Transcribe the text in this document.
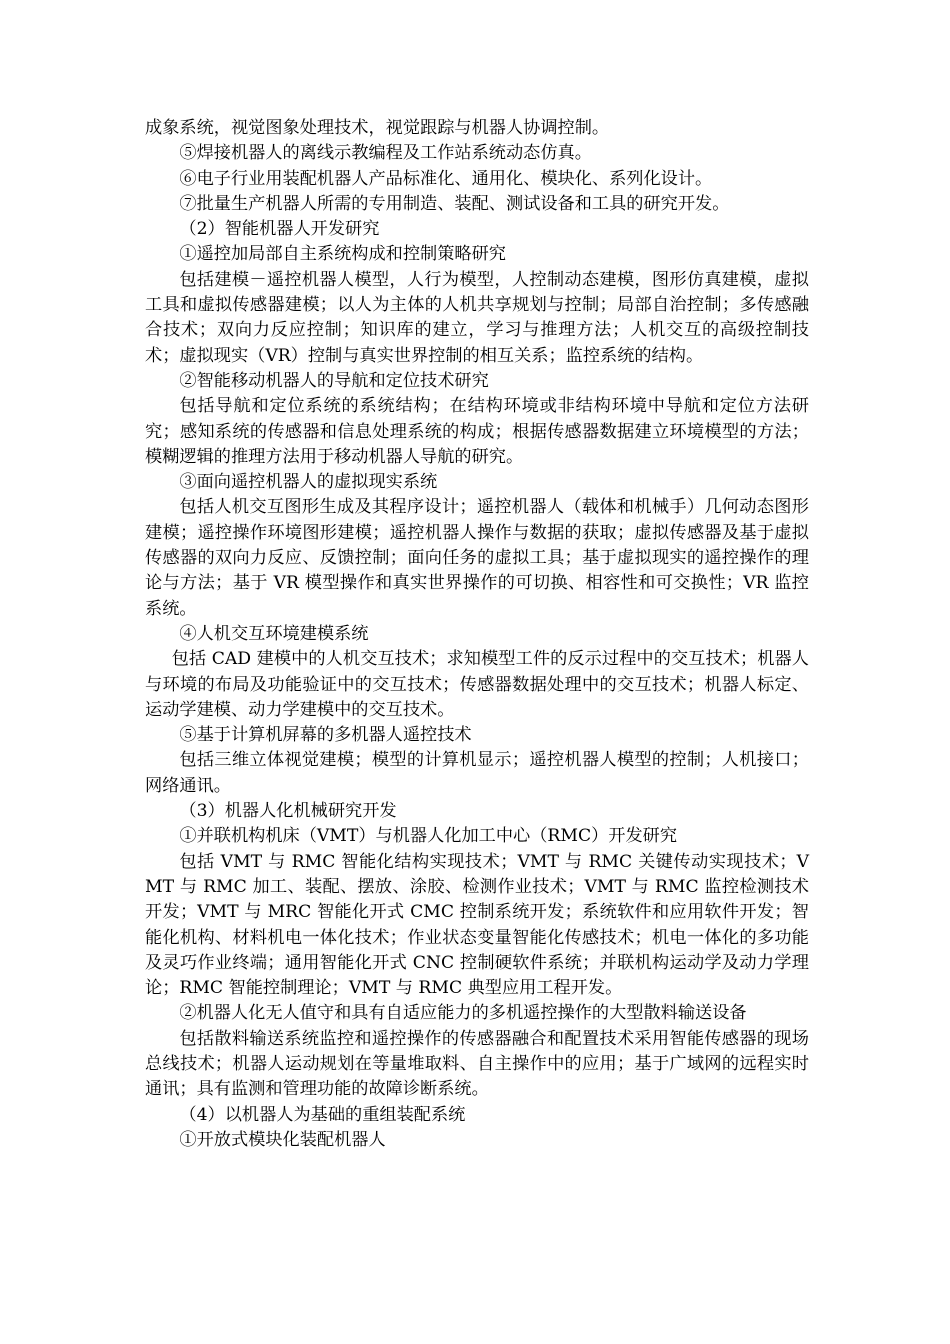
成象系统，视觉图象处理技术，视觉跟踪与机器人协调控制。

⑤焊接机器人的离线示教编程及工作站系统动态仿真。

⑥电子行业用装配机器人产品标准化、通用化、模块化、系列化设计。

⑦批量生产机器人所需的专用制造、装配、测试设备和工具的研究开发。

（2）智能机器人开发研究

①遥控加局部自主系统构成和控制策略研究

包括建模－遥控机器人模型，人行为模型，人控制动态建模，图形仿真建模，虚拟工具和虚拟传感器建模；以人为主体的人机共享规划与控制；局部自治控制；多传感融合技术；双向力反应控制；知识库的建立，学习与推理方法；人机交互的高级控制技术；虚拟现实（VR）控制与真实世界控制的相互关系；监控系统的结构。

②智能移动机器人的导航和定位技术研究

包括导航和定位系统的系统结构；在结构环境或非结构环境中导航和定位方法研究；感知系统的传感器和信息处理系统的构成；根据传感器数据建立环境模型的方法；模糊逻辑的推理方法用于移动机器人导航的研究。

③面向遥控机器人的虚拟现实系统

包括人机交互图形生成及其程序设计；遥控机器人（载体和机械手）几何动态图形建模；遥控操作环境图形建模；遥控机器人操作与数据的获取；虚拟传感器及基于虚拟传感器的双向力反应、反馈控制；面向任务的虚拟工具；基于虚拟现实的遥控操作的理论与方法；基于 VR 模型操作和真实世界操作的可切换、相容性和可交换性；VR 监控系统。

④人机交互环境建模系统

包括 CAD 建模中的人机交互技术；求知模型工件的反示过程中的交互技术；机器人与环境的布局及功能验证中的交互技术；传感器数据处理中的交互技术；机器人标定、运动学建模、动力学建模中的交互技术。

⑤基于计算机屏幕的多机器人遥控技术

包括三维立体视觉建模；模型的计算机显示；遥控机器人模型的控制；人机接口；网络通讯。

（3）机器人化机械研究开发

①并联机构机床（VMT）与机器人化加工中心（RMC）开发研究

包括 VMT 与 RMC 智能化结构实现技术；VMT 与 RMC 关键传动实现技术；VMT 与 RMC 加工、装配、摆放、涂胶、检测作业技术；VMT 与 RMC 监控检测技术开发；VMT 与 MRC 智能化开式 CMC 控制系统开发；系统软件和应用软件开发；智能化机构、材料机电一体化技术；作业状态变量智能化传感技术；机电一体化的多功能及灵巧作业终端；通用智能化开式 CNC 控制硬软件系统；并联机构运动学及动力学理论；RMC 智能控制理论；VMT 与 RMC 典型应用工程开发。

②机器人化无人值守和具有自适应能力的多机遥控操作的大型散料输送设备

包括散料输送系统监控和遥控操作的传感器融合和配置技术采用智能传感器的现场总线技术；机器人运动规划在等量堆取料、自主操作中的应用；基于广域网的远程实时通讯；具有监测和管理功能的故障诊断系统。

（4）以机器人为基础的重组装配系统

①开放式模块化装配机器人
